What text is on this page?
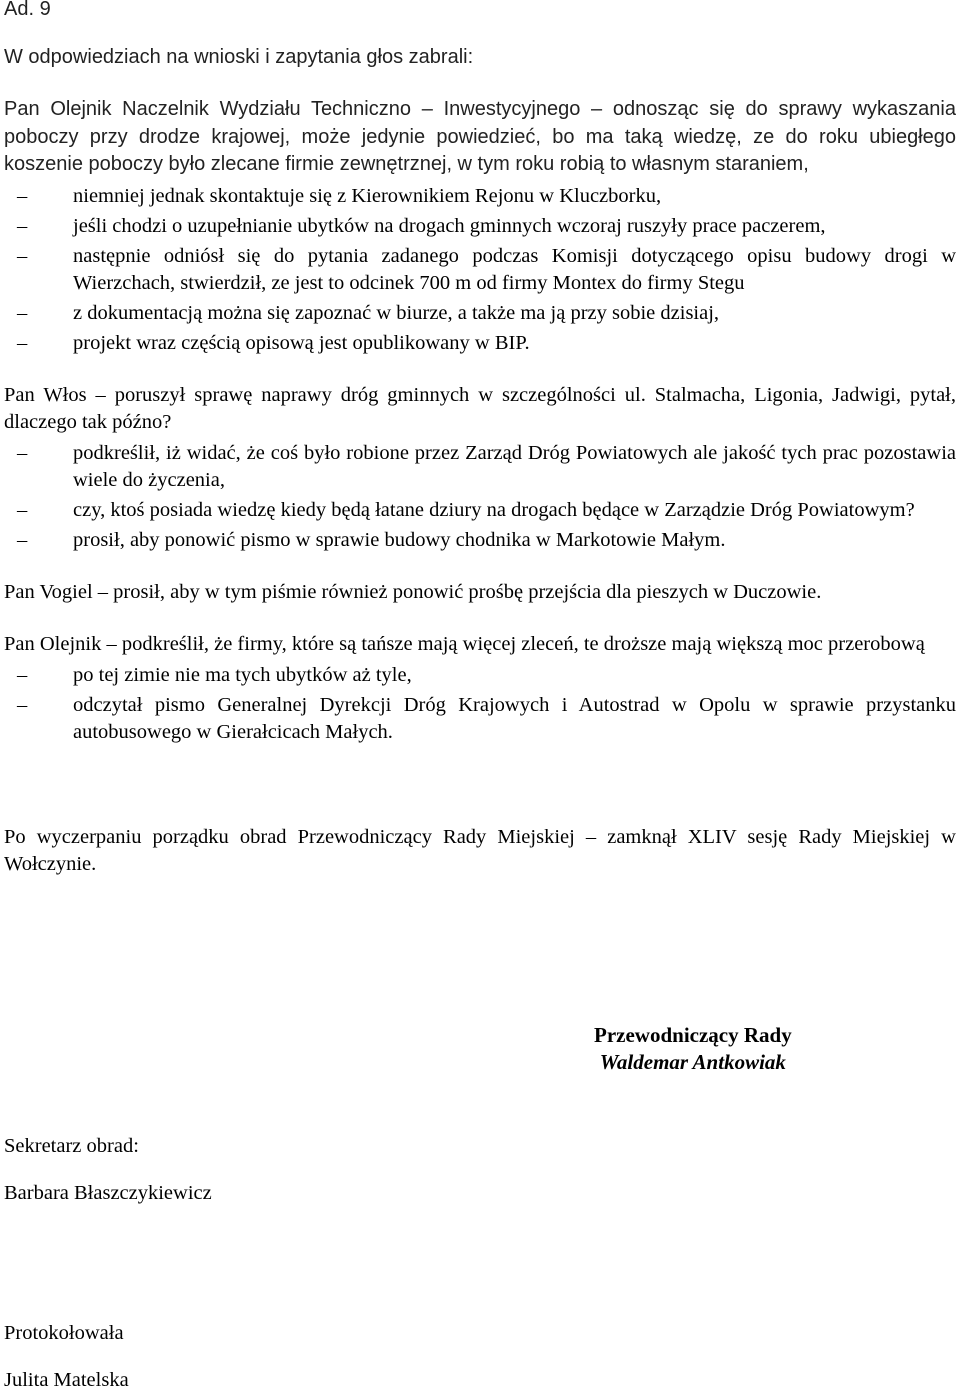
Ad. 9

W odpowiedziach na wnioski i zapytania głos zabrali:

Pan Olejnik Naczelnik Wydziału Techniczno – Inwestycyjnego – odnosząc się do sprawy wykaszania poboczy przy drodze krajowej, może jedynie powiedzieć, bo ma taką wiedzę, ze do roku ubiegłego koszenie poboczy było zlecane firmie zewnętrznej, w tym roku robią to własnym staraniem,

– niemniej jednak skontaktuje się z Kierownikiem Rejonu w Kluczborku,
– jeśli chodzi o uzupełnianie ubytków na drogach gminnych wczoraj ruszyły prace paczerem,
– następnie odniósł się do pytania zadanego podczas Komisji dotyczącego opisu budowy drogi w Wierzchach, stwierdził, ze jest to odcinek 700 m od firmy Montex do firmy Stegu
– z dokumentacją można się zapoznać w biurze, a także ma ją przy sobie dzisiaj,
– projekt wraz częścią opisową jest opublikowany w BIP.

Pan Włos – poruszył sprawę naprawy dróg gminnych w szczególności ul. Stalmacha, Ligonia, Jadwigi, pytał, dlaczego tak późno?

– podkreślił, iż widać, że coś było robione przez Zarząd Dróg Powiatowych ale jakość tych prac pozostawia wiele do życzenia,
– czy, ktoś posiada wiedzę kiedy będą łatane dziury na drogach będące w Zarządzie Dróg Powiatowym?
– prosił, aby ponowić pismo w sprawie budowy chodnika w Markotowie Małym.

Pan Vogiel – prosił, aby w tym piśmie również ponowić prośbę przejścia dla pieszych w Duczowie.

Pan Olejnik – podkreślił, że firmy, które są tańsze mają więcej zleceń, te droższe mają większą moc przerobową

– po tej zimie nie ma tych ubytków aż tyle,
– odczytał pismo Generalnej Dyrekcji Dróg Krajowych i Autostrad w Opolu w sprawie przystanku autobusowego w Gierałcicach Małych.

Po wyczerpaniu porządku obrad Przewodniczący Rady Miejskiej – zamknął XLIV sesję Rady Miejskiej w Wołczynie.

Przewodniczący Rady
Waldemar Antkowiak
Sekretarz obrad:
Barbara Błaszczykiewicz
Protokołowała
Julita Matelska
